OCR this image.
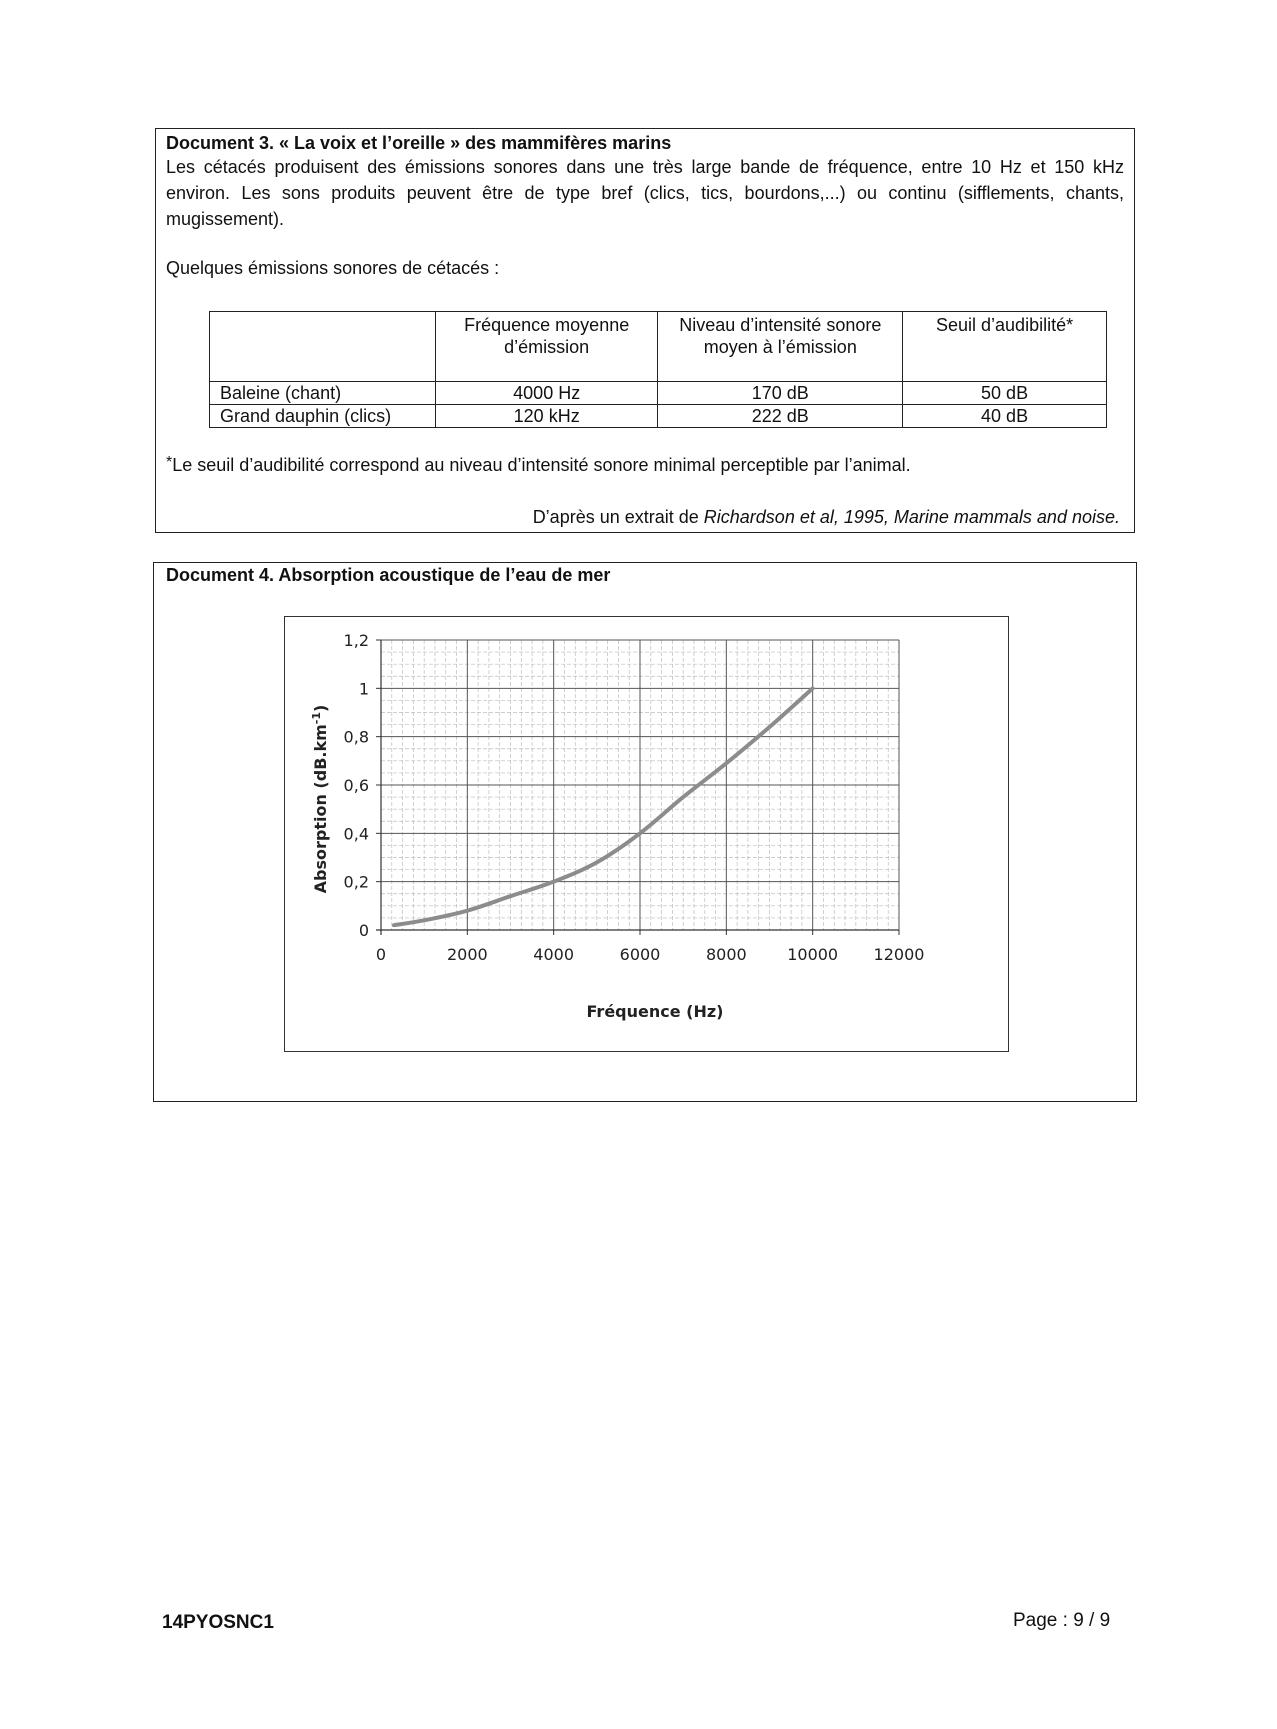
Document 3. « La voix et l’oreille » des mammifères marins

Les cétacés produisent des émissions sonores dans une très large bande de fréquence, entre 10 Hz et 150 kHz environ. Les sons produits peuvent être de type bref (clics, tics, bourdons,...) ou continu (sifflements, chants, mugissement).

Quelques émissions sonores de cétacés :
	Fréquence moyenne d’émission	Niveau d’intensité sonore moyen à l’émission	Seuil d’audibilité*
Baleine (chant)	4000 Hz	170 dB	50 dB
Grand dauphin (clics)	120 kHz	222 dB	40 dB
*Le seuil d’audibilité correspond au niveau d’intensité sonore minimal perceptible par l’animal.
D’après un extrait de Richardson et al, 1995, Marine mammals and noise.
Document 4. Absorption acoustique de l’eau de mer
0	2000	4000	6000	8000	10000 12000
0
0,2
0,4
0,6
0,8
1
1,2
Fréquence (Hz)
Absorption $(dB.km^{-1})$
14PYOSNC1	Page : 9 / 9
